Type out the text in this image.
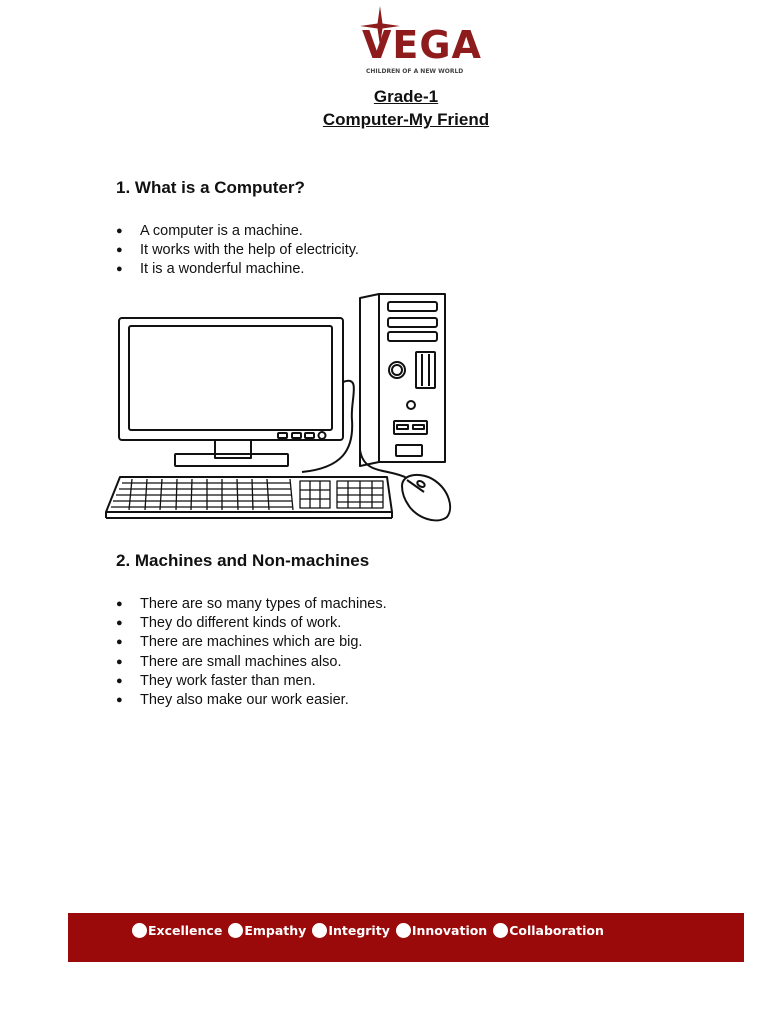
VEGA
CHILDREN OF A NEW WORLD
Grade-1
Computer-My Friend
1. What is a Computer?
● A computer is a machine.
● It works with the help of electricity.
● It is a wonderful machine.
2. Machines and Non-machines
● There are so many types of machines.
● They do different kinds of work.
● There are machines which are big.
● There are small machines also.
● They work faster than men.
● They also make our work easier.
Excellence Empathy Integrity Innovation Collaboration
